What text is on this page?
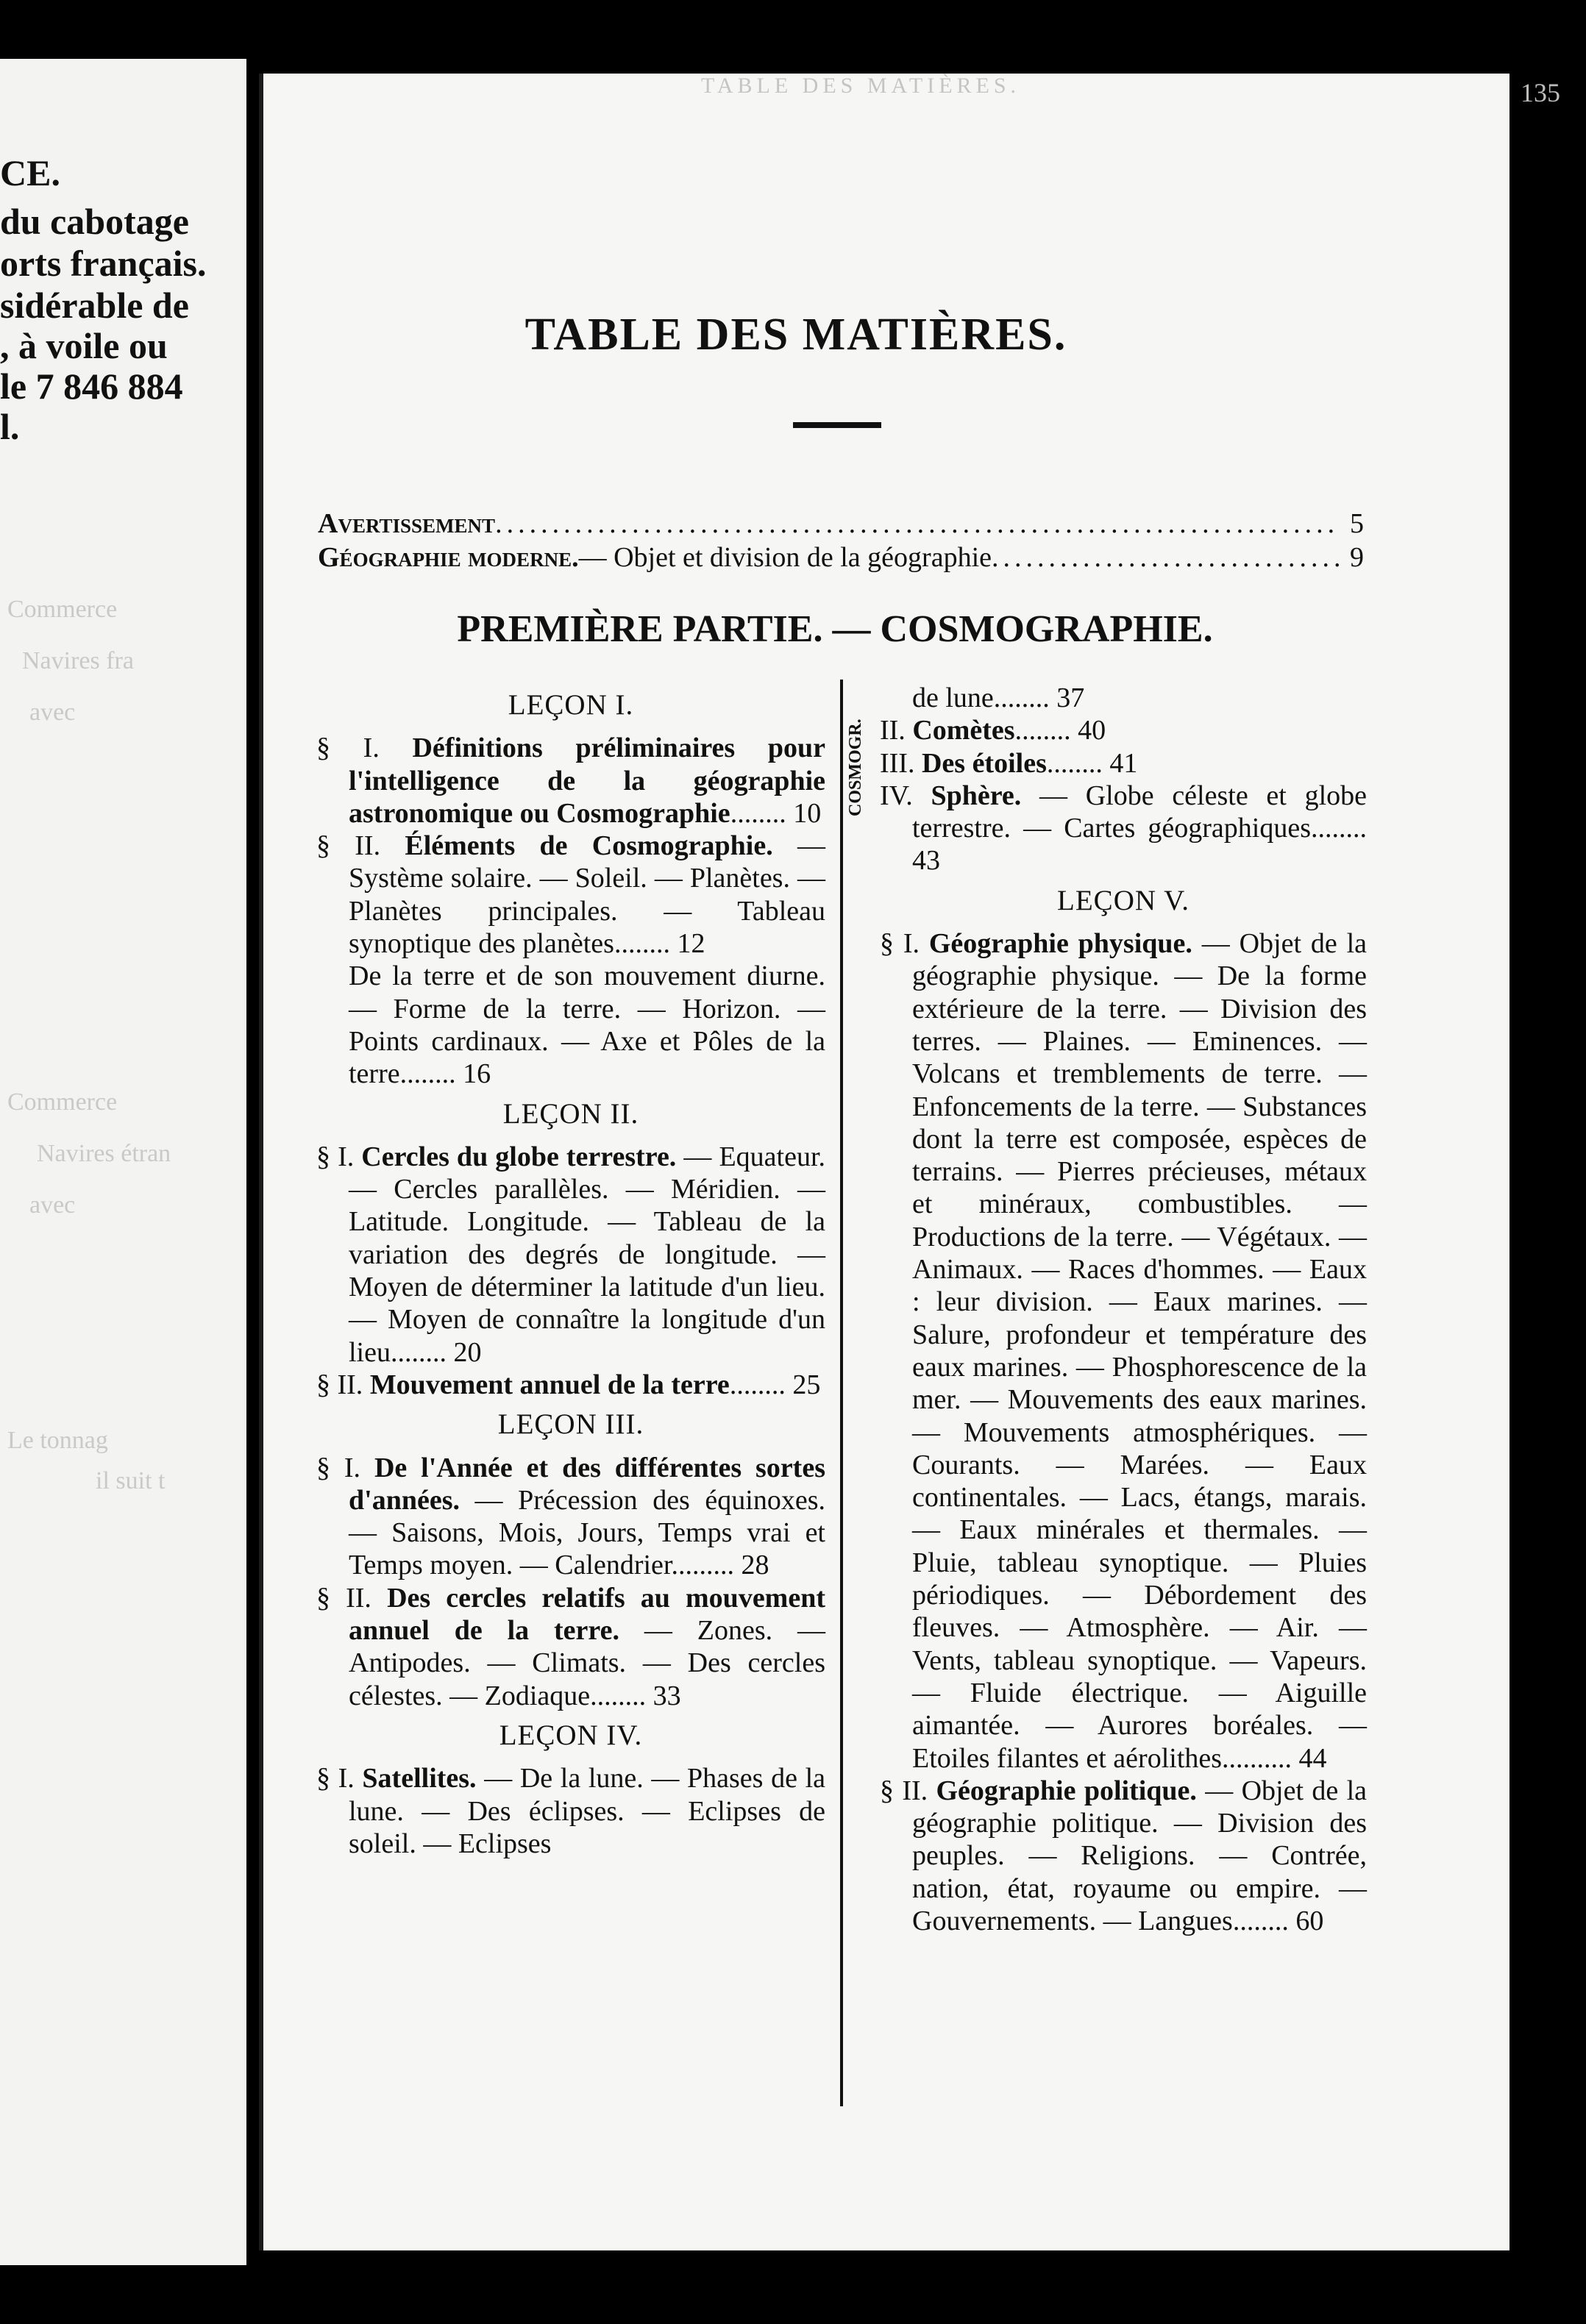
CE.
du cabotage
orts français.
sidérable de
, à voile ou
le 7 846 884
l.
Commerce
Navires fra
avec
Commerce
Navires étran
avec
Le tonnag
il suit t
TABLE DES MATIÈRES.	135
TABLE DES MATIÈRES.
Avertissement .....	5
Géographie moderne. — Objet et division de la géographie .....	9
PREMIÈRE PARTIE. — COSMOGRAPHIE.
COSMOGR.
LEÇON I.
§ I. Définitions préliminaires pour l'intelligence de la géographie astronomique ou Cosmographie........ 10
§ II. Éléments de Cosmographie. — Système solaire. — Soleil. — Planètes. — Planètes principales. — Tableau synoptique des planètes........ 12
De la terre et de son mouvement diurne. — Forme de la terre. — Horizon. — Points cardinaux. — Axe et Pôles de la terre........ 16
LEÇON II.
§ I. Cercles du globe terrestre. — Equateur. — Cercles parallèles. — Méridien. — Latitude. Longitude. — Tableau de la variation des degrés de longitude. — Moyen de déterminer la latitude d'un lieu. — Moyen de connaître la longitude d'un lieu........ 20
§ II. Mouvement annuel de la terre........ 25
LEÇON III.
§ I. De l'Année et des différentes sortes d'années. — Précession des équinoxes. — Saisons, Mois, Jours, Temps vrai et Temps moyen. — Calendrier......... 28
§ II. Des cercles relatifs au mouvement annuel de la terre. — Zones. — Antipodes. — Climats. — Des cercles célestes. — Zodiaque........ 33
LEÇON IV.
§ I. Satellites. — De la lune. — Phases de la lune. — Des éclipses. — Eclipses de soleil. — Eclipses
de lune........ 37
II. Comètes........ 40
III. Des étoiles........ 41
IV. Sphère. — Globe céleste et globe terrestre. — Cartes géographiques........ 43
LEÇON V.
§ I. Géographie physique. — Objet de la géographie physique. — De la forme extérieure de la terre. — Division des terres. — Plaines. — Eminences. — Volcans et tremblements de terre. — Enfoncements de la terre. — Substances dont la terre est composée, espèces de terrains. — Pierres précieuses, métaux et minéraux, combustibles. — Productions de la terre. — Végétaux. — Animaux. — Races d'hommes. — Eaux : leur division. — Eaux marines. — Salure, profondeur et température des eaux marines. — Phosphorescence de la mer. — Mouvements des eaux marines. — Mouvements atmosphériques. — Courants. — Marées. — Eaux continentales. — Lacs, étangs, marais. — Eaux minérales et thermales. — Pluie, tableau synoptique. — Pluies périodiques. — Débordement des fleuves. — Atmosphère. — Air. — Vents, tableau synoptique. — Vapeurs. — Fluide électrique. — Aiguille aimantée. — Aurores boréales. — Etoiles filantes et aérolithes.......... 44
§ II. Géographie politique. — Objet de la géographie politique. — Division des peuples. — Religions. — Contrée, nation, état, royaume ou empire. — Gouvernements. — Langues........ 60
